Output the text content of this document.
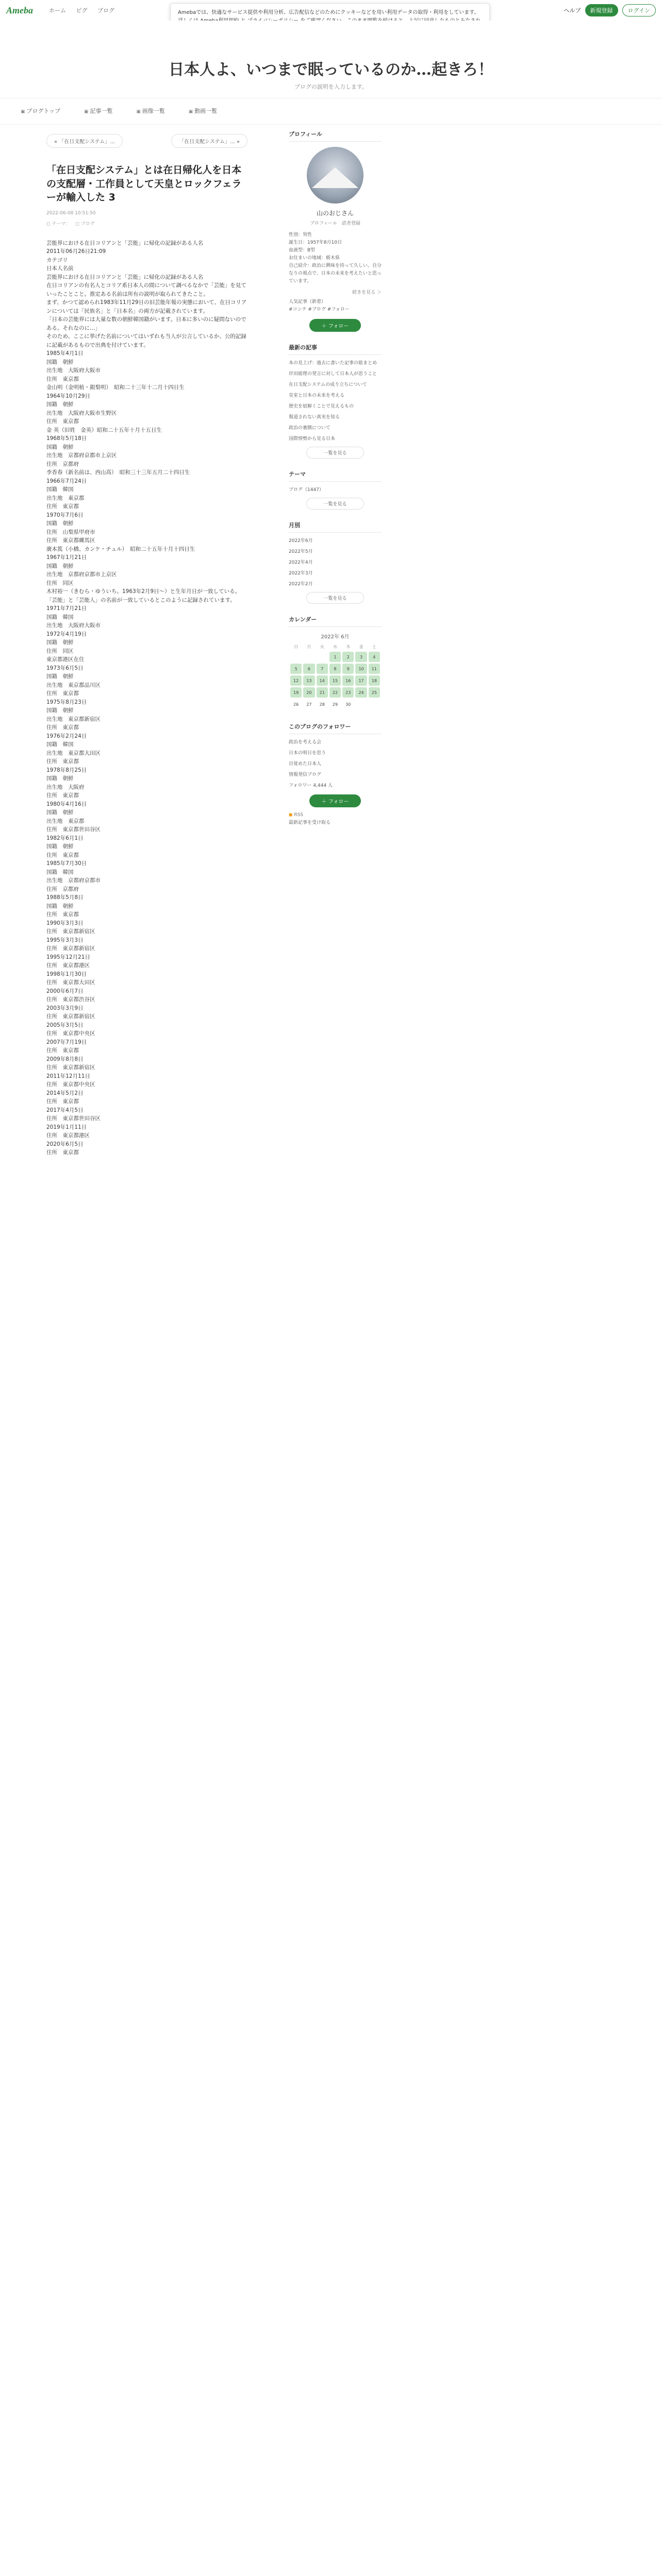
Ameba	ホーム ピグ ブログ	ヘルプ	新規登録	ログイン
Amebaでは、快適なサービス提供や利用分析、広告配信などのためにクッキーなどを用い利用データの取得・利用をしています。
日本人よ、いつまで眠っているのか…起きろ！
ブログの説明を入力します。
▣ ブログトップ	▣ 記事一覧	▣ 画像一覧	▣ 動画一覧
« 「在日支配システム」...	「在日支配システム」... »
「在日支配システム」とは在日帰化人を日本の支配層・工作員として天皇とロックフェラーが輸入した 3
2022-06-08 10:51:50
◻ テーマ：	◻ ブログ
芸能界における在日コリアンと「芸能」に帰化の記録がある人名
2011年06月26日21:09
カテゴリ
日本人名前
芸能界における在日コリアンと「芸能」に帰化の記録がある人名
在日コリアンの有名人とコリア系日本人の間について調べるなかで「芸能」を見ていったことこと。推定ある名前は所有の説明が取られてきたこと。
まず、かつて認められ1983年11月29日の旧芸能年報の実態において、在日コリアンについては「民族名」と「日本名」の両方が記載されています。
「日本の芸能界には大量な数の朝鮮韓国籍がいます。日本に多いのに疑問ないのである。それなのに…」
そのため、ここに挙げた名前についてはいずれも当人が公言しているか、公的記録に記載があるもので出典を付けています。
1985年4月1日
国籍　朝鮮
出生地　大阪府大阪市
住所　東京都
金山明（金明植・銀梨明）　昭和二十三年十二月十四日生
1964年10月29日
国籍　朝鮮
出生地　大阪府大阪市生野区
住所　東京都
金 英（旧姓　金英）昭和二十五年十月十五日生
1968年5月18日
国籍　朝鮮
出生地　京都府京都市上京区
住所　京都府
李香春（新名前は、西山高）　昭和三十三年五月二十四日生
1966年7月24日
国籍　韓国
出生地　東京都
住所　東京都
1970年7月6日
国籍　朝鮮
住所　山梨県甲府市
住所　東京都練馬区
廣本篤（小橋、カンケ・チュル）　昭和二十五年十月十四日生
1967年1月21日
国籍　朝鮮
出生地　京都府京都市上京区
住所　同区
木村裕一（きむら・ゆういち。1963年2月9日～）と生年月日が一致している。
「芸能」と「芸能人」の名前が一致しているとこのように記録されています。
1971年7月21日
国籍　韓国
出生地　大阪府大阪市
1972年4月19日
国籍　朝鮮
住所　同区
東京都港区在住
1973年6月5日
国籍　朝鮮
出生地　東京都品川区
住所　東京都
1975年8月23日
国籍　朝鮮
出生地　東京都新宿区
住所　東京都
1976年2月24日
国籍　韓国
出生地　東京都大田区
住所　東京都
1978年8月25日
国籍　朝鮮
出生地　大阪府
住所　東京都
1980年4月16日
国籍　朝鮮
出生地　東京都
住所　東京都世田谷区
1982年6月1日
国籍　朝鮮
住所　東京都
1985年7月30日
国籍　韓国
出生地　京都府京都市
住所　京都府
1988年5月8日
国籍　朝鮮
住所　東京都
1990年3月3日
住所　東京都新宿区
1995年3月3日
住所　東京都新宿区
1995年12月21日
住所　東京都港区
1998年1月30日
住所　東京都大田区
2000年6月7日
住所　東京都渋谷区
2003年3月9日
住所　東京都新宿区
2005年3月5日
住所　東京都中央区
2007年7月19日
住所　東京都
2009年8月8日
住所　東京都新宿区
2011年12月11日
住所　東京都中央区
2014年5月2日
住所　東京都
2017年4月5日
住所　東京都世田谷区
2019年1月11日
住所　東京都港区
2020年6月5日
住所　東京都
プロフィール
山のおじさん
プロフィール　読者登録
性別：男性
誕生日：1957年8月10日
血液型：B型
お住まいの地域：栃木県
自己紹介：政治に興味を持って久しい。自分なりの視点で、日本の未来を考えたいと思っています。
続きを見る ＞
人気記事（新着）
#コンテ #ブログ #フォロー
＋ フォロー
最新の記事
本の見上げ：過去に書いた記事の総まとめ
岸田総理の発言に対して日本人が思うこと
在日支配システムの成り立ちについて
皇室と日本の未来を考える
歴史を紐解くことで見えるもの
報道されない真実を知る
政治の裏側について
国際情勢から見る日本
一覧を見る
テーマ
ブログ（1447）
一覧を見る
月別
2022年6月
2022年5月
2022年4月
2022年3月
2022年2月
一覧を見る
カレンダー
2022年 6月
日	月	火	水	木	金	土
			1	2	3	4
5	6	7	8	9	10	11
12	13	14	15	16	17	18
19	20	21	22	23	24	25
26	27	28	29	30		
このブログのフォロワー
政治を考える会
日本の明日を思う
目覚めた日本人
情報発信ブログ
フォロワー 4,444 人
＋ フォロー
◼ RSS
最新記事を受け取る
